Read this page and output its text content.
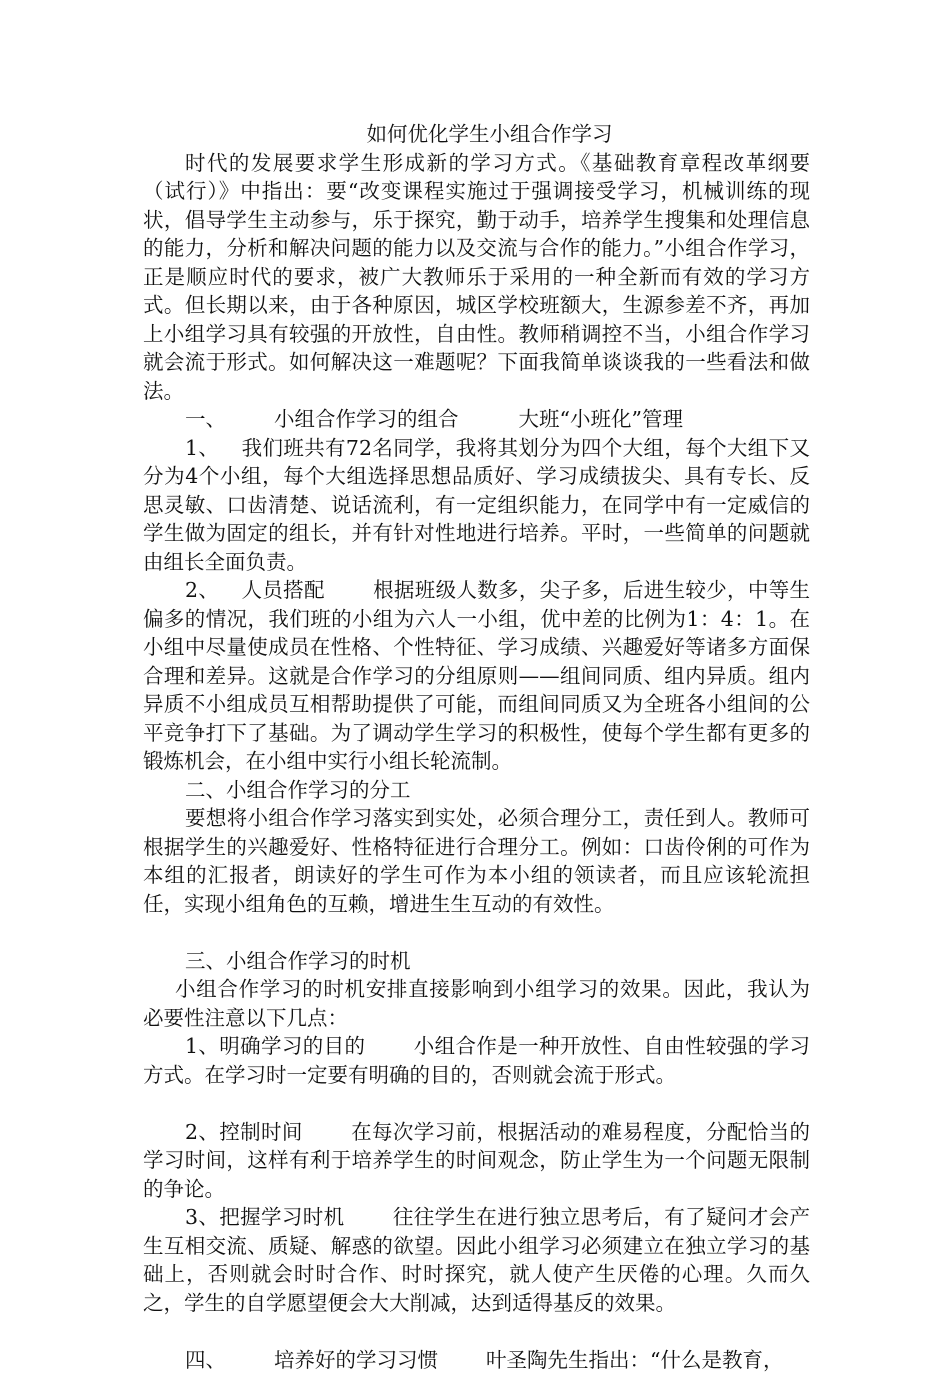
如何优化学生小组合作学习

时代的发展要求学生形成新的学习方式。《基础教育章程改革纲要（试行）》中指出：要“改变课程实施过于强调接受学习，机械训练的现状，倡导学生主动参与，乐于探究，勤于动手，培养学生搜集和处理信息的能力，分析和解决问题的能力以及交流与合作的能力。”小组合作学习，正是顺应时代的要求，被广大教师乐于采用的一种全新而有效的学习方式。但长期以来，由于各种原因，城区学校班额大，生源参差不齐，再加上小组学习具有较强的开放性，自由性。教师稍调控不当，小组合作学习就会流于形式。如何解决这一难题呢？下面我简单谈谈我的一些看法和做法。

一、 小组合作学习的组合	大班“小班化”管理

1、 我们班共有72名同学，我将其划分为四个大组，每个大组下又分为4个小组，每个大组选择思想品质好、学习成绩拔尖、具有专长、反思灵敏、口齿清楚、说话流利，有一定组织能力，在同学中有一定威信的学生做为固定的组长，并有针对性地进行培养。平时，一些简单的问题就由组长全面负责。

2、 人员搭配 根据班级人数多，尖子多，后进生较少，中等生偏多的情况，我们班的小组为六人一小组，优中差的比例为1：4：1。在小组中尽量使成员在性格、个性特征、学习成绩、兴趣爱好等诸多方面保合理和差异。这就是合作学习的分组原则——组间同质、组内异质。组内异质不小组成员互相帮助提供了可能，而组间同质又为全班各小组间的公平竞争打下了基础。为了调动学生学习的积极性，使每个学生都有更多的锻炼机会，在小组中实行小组长轮流制。

二、小组合作学习的分工

要想将小组合作学习落实到实处，必须合理分工，责任到人。教师可根据学生的兴趣爱好、性格特征进行合理分工。例如：口齿伶俐的可作为本组的汇报者，朗读好的学生可作为本小组的领读者，而且应该轮流担任，实现小组角色的互赖，增进生生互动的有效性。

三、小组合作学习的时机

小组合作学习的时机安排直接影响到小组学习的效果。因此，我认为必要性注意以下几点：

1、明确学习的目的 小组合作是一种开放性、自由性较强的学习方式。在学习时一定要有明确的目的，否则就会流于形式。

2、控制时间 在每次学习前，根据活动的难易程度，分配恰当的学习时间，这样有利于培养学生的时间观念，防止学生为一个问题无限制的争论。

3、把握学习时机 往往学生在进行独立思考后，有了疑问才会产生互相交流、质疑、解惑的欲望。因此小组学习必须建立在独立学习的基础上，否则就会时时合作、时时探究，就人使产生厌倦的心理。久而久之，学生的自学愿望便会大大削减，达到适得基反的效果。

四、 培养好的学习习惯 叶圣陶先生指出：“什么是教育，
